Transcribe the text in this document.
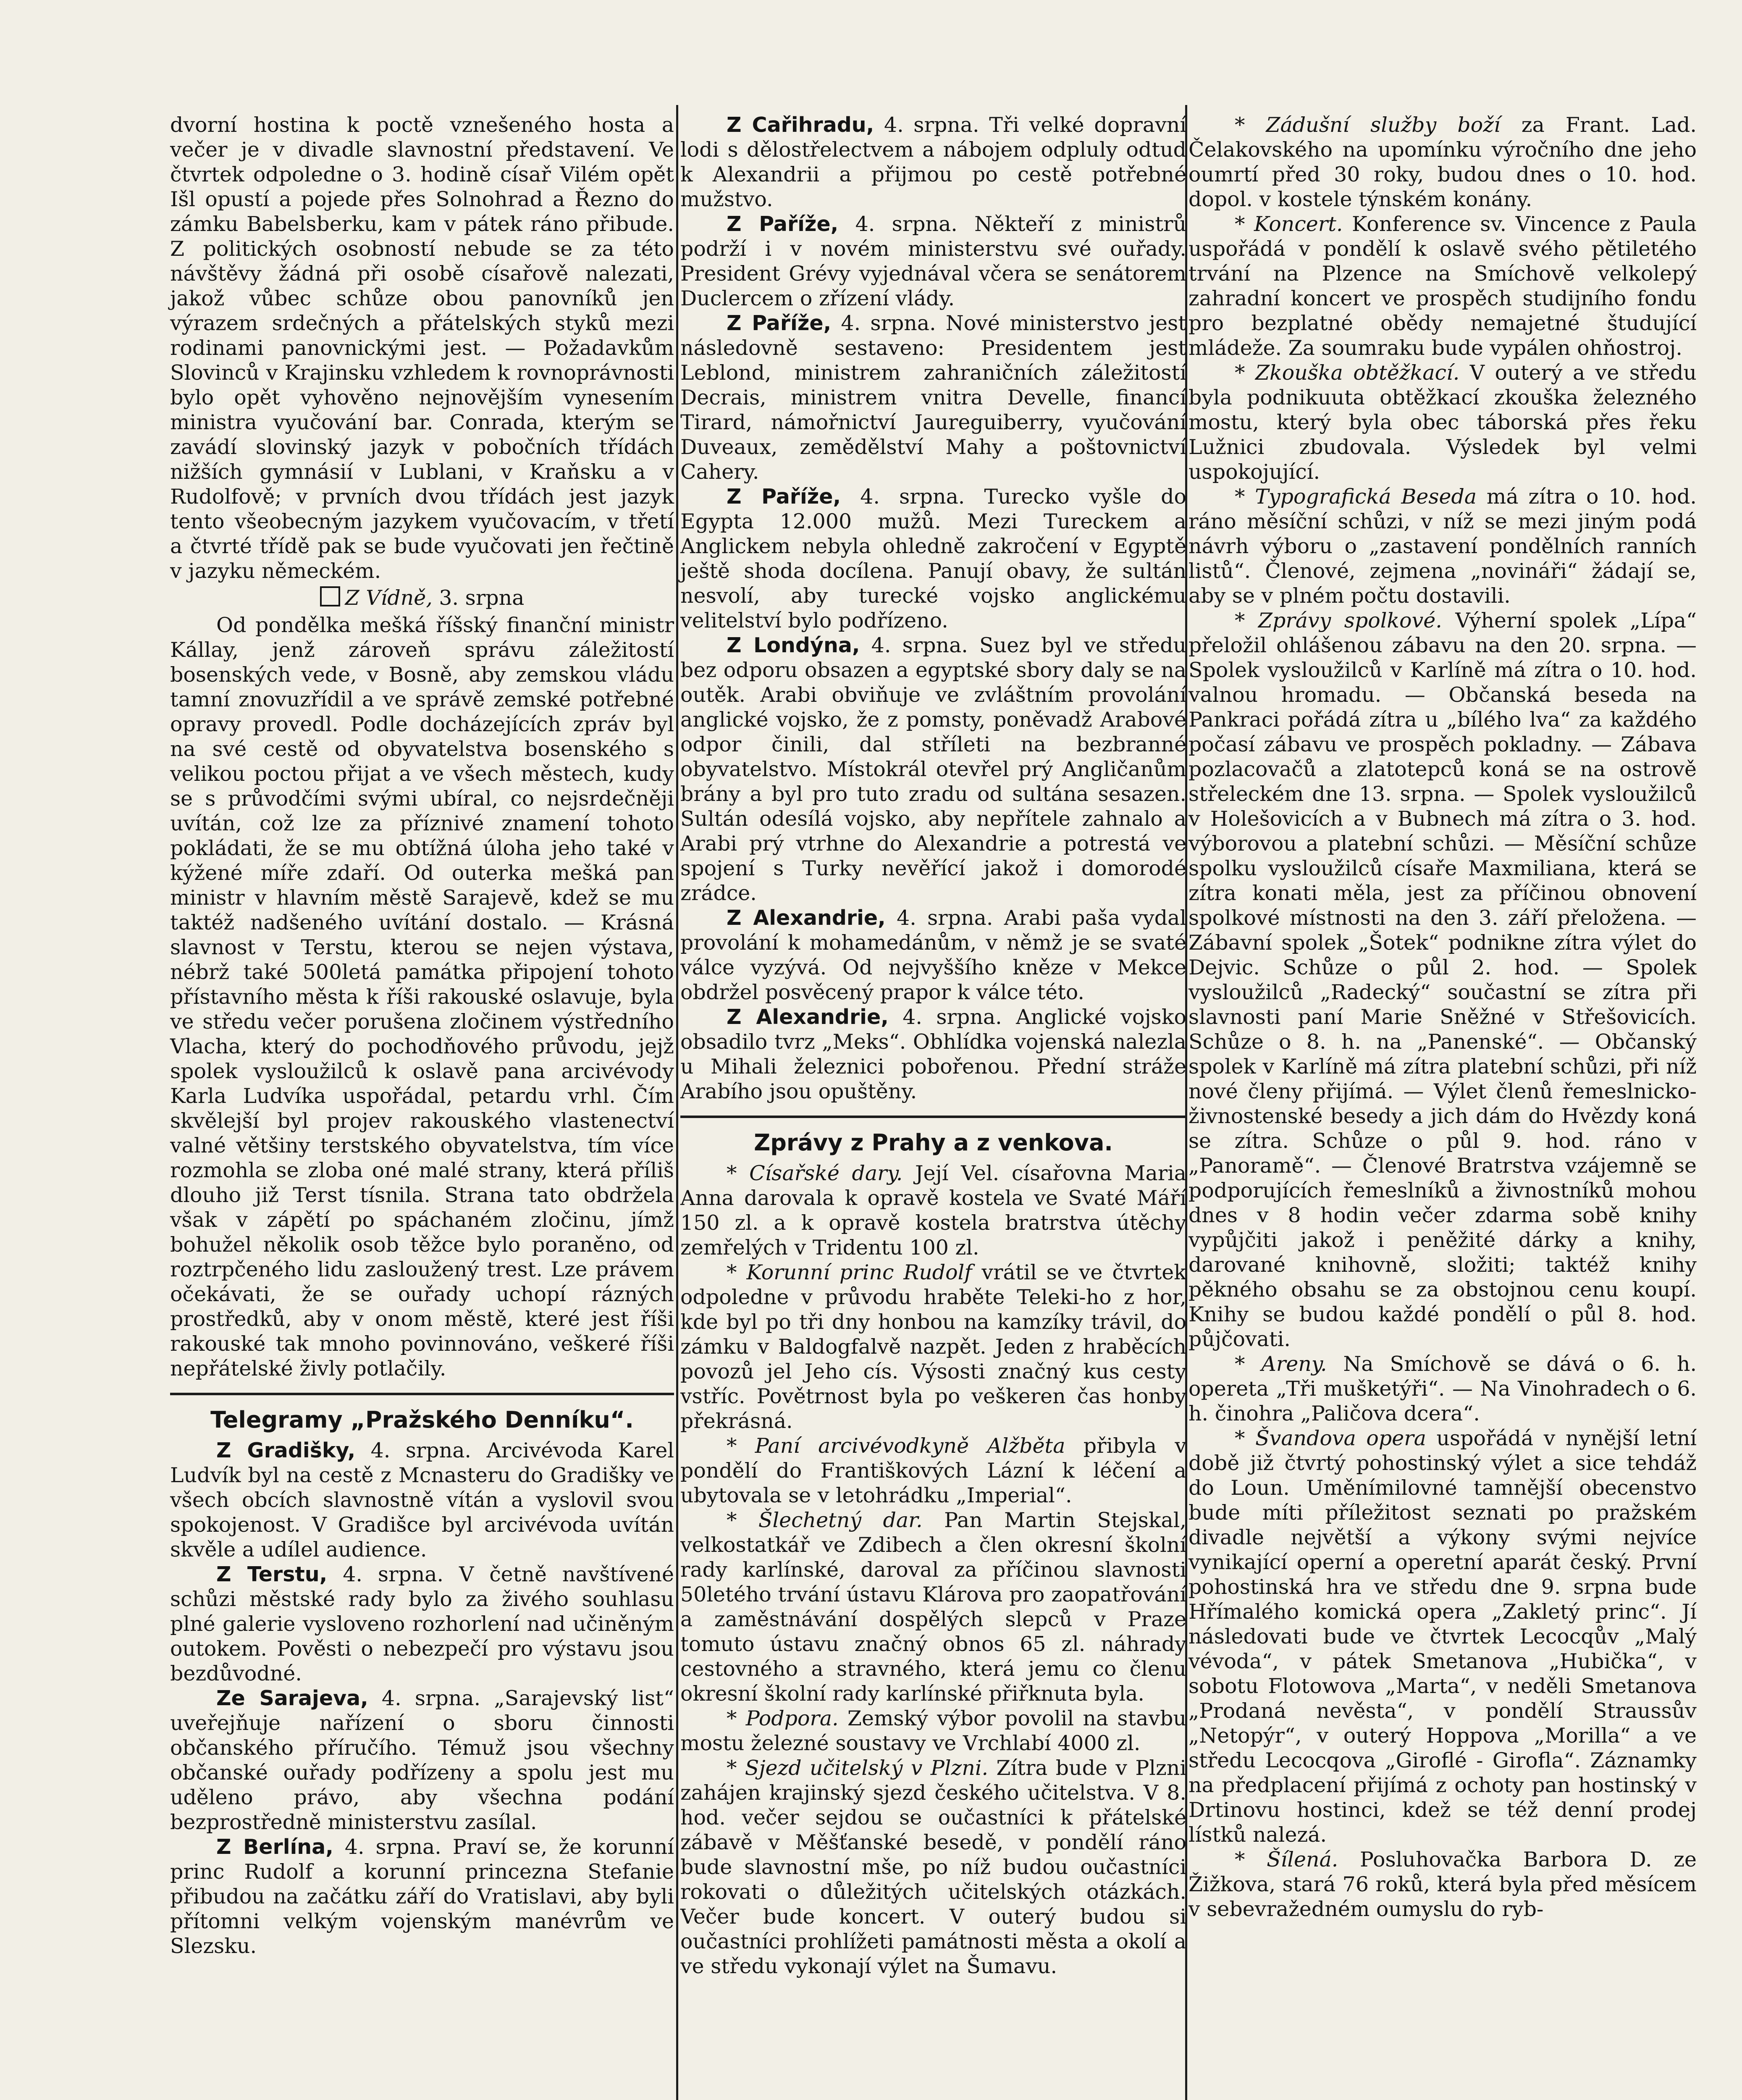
dvorní hostina k poctě vznešeného hosta a večer je v divadle slavnostní představení. Ve čtvrtek odpoledne o 3. hodině císař Vilém opět Išl opustí a pojede přes Solnohrad a Řezno do zámku Babelsberku, kam v pátek ráno přibude. Z politických osobností nebude se za této návštěvy žádná při osobě císařově nalezati, jakož vůbec schůze obou panovníků jen výrazem srdečných a přátelských styků mezi rodinami panovnickými jest. — Požadavkům Slovinců v Krajinsku vzhledem k rovnoprávnosti bylo opět vyhověno nejnovějším vynesením ministra vyučování bar. Conrada, kterým se zavádí slovinský jazyk v pobočních třídách nižších gymnásií v Lublani, v Kraňsku a v Rudolfově; v prvních dvou třídách jest jazyk tento všeobecným jazykem vyučovacím, v třetí a čtvrté třídě pak se bude vyučovati jen řečtině v jazyku německém.

Z Vídně, 3. srpna

Od pondělka mešká říšský finanční ministr Kállay, jenž zároveň správu záležitostí bosenských vede, v Bosně, aby zemskou vládu tamní znovuzřídil a ve správě zemské potřebné opravy provedl. Podle docházejících zpráv byl na své cestě od obyvatelstva bosenského s velikou poctou přijat a ve všech městech, kudy se s průvodčími svými ubíral, co nejsrdečněji uvítán, což lze za příznivé znamení tohoto pokládati, že se mu obtížná úloha jeho také v kýžené míře zdaří. Od outerka mešká pan ministr v hlavním městě Sarajevě, kdež se mu taktéž nadšeného uvítání dostalo. — Krásná slavnost v Terstu, kterou se nejen výstava, nébrž také 500letá památka připojení tohoto přístavního města k říši rakouské oslavuje, byla ve středu večer porušena zločinem výstředního Vlacha, který do pochodňového průvodu, jejž spolek vysloužilců k oslavě pana arcivévody Karla Ludvíka uspořádal, petardu vrhl. Čím skvělejší byl projev rakouského vlastenectví valné většiny terstského obyvatelstva, tím více rozmohla se zloba oné malé strany, která příliš dlouho již Terst tísnila. Strana tato obdržela však v zápětí po spáchaném zločinu, jímž bohužel několik osob těžce bylo poraněno, od roztrpčeného lidu zasloužený trest. Lze právem očekávati, že se ouřady uchopí rázných prostředků, aby v onom městě, které jest říši rakouské tak mnoho povinnováno, veškeré říši nepřátelské živly potlačily.

Telegramy „Pražského Denníku“.

Z Gradišky, 4. srpna. Arcivévoda Karel Ludvík byl na cestě z Mcnasteru do Gradišky ve všech obcích slavnostně vítán a vyslovil svou spokojenost. V Gradišce byl arcivévoda uvítán skvěle a udílel audience.

Z Terstu, 4. srpna. V četně navštívené schůzi městské rady bylo za živého souhlasu plné galerie vysloveno rozhorlení nad učiněným outokem. Pověsti o nebezpečí pro výstavu jsou bezdůvodné.

Ze Sarajeva, 4. srpna. „Sarajevský list“ uveřejňuje nařízení o sboru činnosti občanského příručího. Témuž jsou všechny občanské ouřady podřízeny a spolu jest mu uděleno právo, aby všechna podání bezprostředně ministerstvu zasílal.

Z Berlína, 4. srpna. Praví se, že korunní princ Rudolf a korunní princezna Stefanie přibudou na začátku září do Vratislavi, aby byli přítomni velkým vojenským manévrům ve Slezsku.

Z Cařihradu, 4. srpna. Tři velké dopravní lodi s dělostřelectvem a nábojem odpluly odtud k Alexandrii a přijmou po cestě potřebné mužstvo.

Z Paříže, 4. srpna. Někteří z ministrů podrží i v novém ministerstvu své ouřady. President Grévy vyjednával včera se senátorem Duclercem o zřízení vlády.

Z Paříže, 4. srpna. Nové ministerstvo jest následovně sestaveno: Presidentem jest Leblond, ministrem zahraničních záležitostí Decrais, ministrem vnitra Develle, financí Tirard, námořnictví Jaureguiberry, vyučování Duveaux, zemědělství Mahy a poštovnictví Cahery.

Z Paříže, 4. srpna. Turecko vyšle do Egypta 12.000 mužů. Mezi Tureckem a Anglickem nebyla ohledně zakročení v Egyptě ještě shoda docílena. Panují obavy, že sultán nesvolí, aby turecké vojsko anglickému velitelství bylo podřízeno.

Z Londýna, 4. srpna. Suez byl ve středu bez odporu obsazen a egyptské sbory daly se na outěk. Arabi obviňuje ve zvláštním provolání anglické vojsko, že z pomsty, poněvadž Arabové odpor činili, dal stříleti na bezbranné obyvatelstvo. Místokrál otevřel prý Angličanům brány a byl pro tuto zradu od sultána sesazen. Sultán odesílá vojsko, aby nepřítele zahnalo a Arabi prý vtrhne do Alexandrie a potrestá ve spojení s Turky nevěřící jakož i domorodé zrádce.

Z Alexandrie, 4. srpna. Arabi paša vydal provolání k mohamedánům, v němž je se svaté válce vyzývá. Od nejvyššího kněze v Mekce obdržel posvěcený prapor k válce této.

Z Alexandrie, 4. srpna. Anglické vojsko obsadilo tvrz „Meks“. Obhlídka vojenská nalezla u Mihali železnici pobořenou. Přední stráže Arabího jsou opuštěny.

Zprávy z Prahy a z venkova.

* Císařské dary. Její Vel. císařovna Maria Anna darovala k opravě kostela ve Svaté Máří 150 zl. a k opravě kostela bratrstva útěchy zemřelých v Tridentu 100 zl.

* Korunní princ Rudolf vrátil se ve čtvrtek odpoledne v průvodu hraběte Teleki-ho z hor, kde byl po tři dny honbou na kamzíky trávil, do zámku v Baldogfalvě nazpět. Jeden z hraběcích povozů jel Jeho cís. Výsosti značný kus cesty vstříc. Povětrnost byla po veškeren čas honby překrásná.

* Paní arcivévodkyně Alžběta přibyla v pondělí do Františkových Lázní k léčení a ubytovala se v letohrádku „Imperial“.

* Šlechetný dar. Pan Martin Stejskal, velkostatkář ve Zdibech a člen okresní školní rady karlínské, daroval za příčinou slavnosti 50letého trvání ústavu Klárova pro zaopatřování a zaměstnávání dospělých slepců v Praze tomuto ústavu značný obnos 65 zl. náhrady cestovného a stravného, která jemu co členu okresní školní rady karlínské přiřknuta byla.

* Podpora. Zemský výbor povolil na stavbu mostu železné soustavy ve Vrchlabí 4000 zl.

* Sjezd učitelský v Plzni. Zítra bude v Plzni zahájen krajinský sjezd českého učitelstva. V 8. hod. večer sejdou se oučastníci k přátelské zábavě v Měšťanské besedě, v pondělí ráno bude slavnostní mše, po níž budou oučastníci rokovati o důležitých učitelských otázkách. Večer bude koncert. V outerý budou si oučastníci prohlížeti památnosti města a okolí a ve středu vykonají výlet na Šumavu.

* Zádušní služby boží za Frant. Lad. Čelakovského na upomínku výročního dne jeho oumrtí před 30 roky, budou dnes o 10. hod. dopol. v kostele týnském konány.

* Koncert. Konference sv. Vincence z Paula uspořádá v pondělí k oslavě svého pětiletého trvání na Plzence na Smíchově velkolepý zahradní koncert ve prospěch studijního fondu pro bezplatné obědy nemajetné študující mládeže. Za soumraku bude vypálen ohňostroj.

* Zkouška obtěžkací. V outerý a ve středu byla podnikuuta obtěžkací zkouška železného mostu, který byla obec táborská přes řeku Lužnici zbudovala. Výsledek byl velmi uspokojující.

* Typografická Beseda má zítra o 10. hod. ráno měsíční schůzi, v níž se mezi jiným podá návrh výboru o „zastavení pondělních ranních listů“. Členové, zejmena „novináři“ žádají se, aby se v plném počtu dostavili.

* Zprávy spolkové. Výherní spolek „Lípa“ přeložil ohlášenou zábavu na den 20. srpna. — Spolek vysloužilců v Karlíně má zítra o 10. hod. valnou hromadu. — Občanská beseda na Pankraci pořádá zítra u „bílého lva“ za každého počasí zábavu ve prospěch pokladny. — Zábava pozlacovačů a zlatotepců koná se na ostrově střeleckém dne 13. srpna. — Spolek vysloužilců v Holešovicích a v Bubnech má zítra o 3. hod. výborovou a platební schůzi. — Měsíční schůze spolku vysloužilců císaře Maxmiliana, která se zítra konati měla, jest za příčinou obnovení spolkové místnosti na den 3. září přeložena. — Zábavní spolek „Šotek“ podnikne zítra výlet do Dejvic. Schůze o půl 2. hod. — Spolek vysloužilců „Radecký“ součastní se zítra při slavnosti paní Marie Sněžné v Střešovicích. Schůze o 8. h. na „Panenské“. — Občanský spolek v Karlíně má zítra platební schůzi, při níž nové členy přijímá. — Výlet členů řemeslnicko-živnostenské besedy a jich dám do Hvězdy koná se zítra. Schůze o půl 9. hod. ráno v „Panoramě“. — Členové Bratrstva vzájemně se podporujících řemeslníků a živnostníků mohou dnes v 8 hodin večer zdarma sobě knihy vypůjčiti jakož i peněžité dárky a knihy, darované knihovně, složiti; taktéž knihy pěkného obsahu se za obstojnou cenu koupí. Knihy se budou každé pondělí o půl 8. hod. půjčovati.

* Areny. Na Smíchově se dává o 6. h. opereta „Tři mušketýři“. — Na Vinohradech o 6. h. činohra „Paličova dcera“.

* Švandova opera uspořádá v nynější letní době již čtvrtý pohostinský výlet a sice tehdáž do Loun. Uměnímilovné tamnější obecenstvo bude míti příležitost seznati po pražském divadle největší a výkony svými nejvíce vynikající operní a operetní aparát český. První pohostinská hra ve středu dne 9. srpna bude Hřímalého komická opera „Zakletý princ“. Jí následovati bude ve čtvrtek Lecocqův „Malý vévoda“, v pátek Smetanova „Hubička“, v sobotu Flotowova „Marta“, v neděli Smetanova „Prodaná nevěsta“, v pondělí Straussův „Netopýr“, v outerý Hoppova „Morilla“ a ve středu Lecocqova „Giroflé - Girofla“. Záznamky na předplacení přijímá z ochoty pan hostinský v Drtinovu hostinci, kdež se též denní prodej lístků nalezá.

* Šílená. Posluhovačka Barbora D. ze Žižkova, stará 76 roků, která byla před měsícem v sebevražedném oumyslu do ryb-
